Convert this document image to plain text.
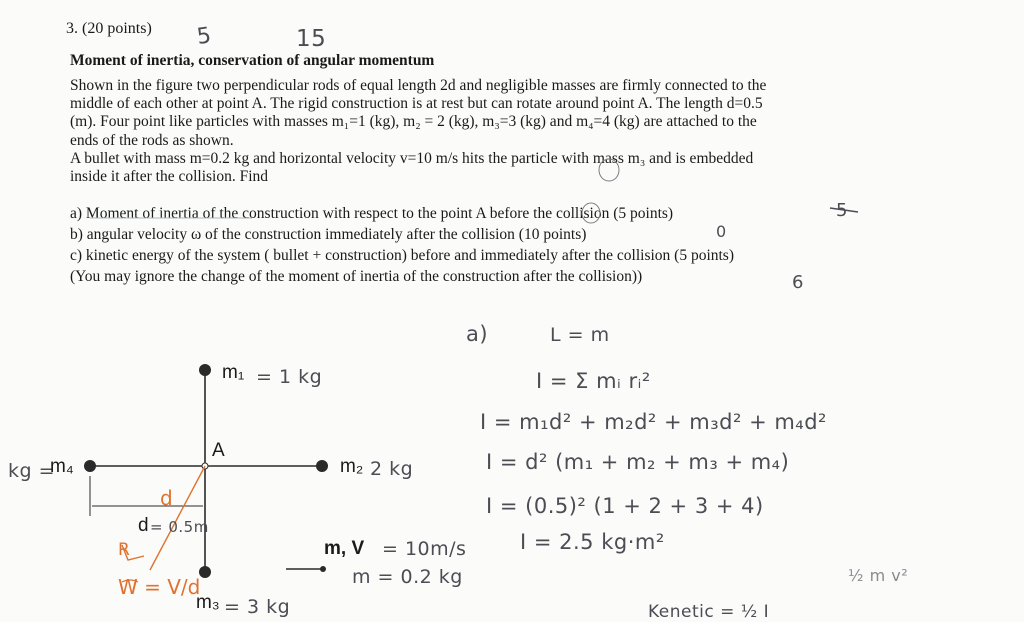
3. (20 points) 5	15
Moment of inertia, conservation of angular momentum
Shown in the figure two perpendicular rods of equal length 2d and negligible masses are firmly connected to the
middle of each other at point A. The rigid construction is at rest but can rotate around point A. The length d=0.5
(m). Four point like particles with masses m₁=1 (kg), m₂ = 2 (kg), m₃=3 (kg) and m₄=4 (kg) are attached to the
ends of the rods as shown.
A bullet with mass m=0.2 kg and horizontal velocity v=10 m/s hits the particle with mass m₃ and is embedded
inside it after the collision. Find
a) Moment of inertia of the construction with respect to the point A before the collision (5 points)
b) angular velocity ω of the construction immediately after the collision (10 points)
c) kinetic energy of the system ( bullet + construction) before and immediately after the collision (5 points)
(You may ignore the change of the moment of inertia of the construction after the collision))
5
0
6
A
m₁ = 1 kg
m₂ 2 kg
m₃ = 3 kg
kg =
m₄
d = 0.5m
d
W = V/d
R	m, V = 10m/s
m = 0.2 kg
a)	L = m
I = Σ mᵢ rᵢ²
I = m₁d² + m₂d² + m₃d² + m₄d²
I = d² (m₁ + m₂ + m₃ + m₄)
I = (0.5)² (1 + 2 + 3 + 4)
I = 2.5 kg·m²
½ m v²
Kenetic = ½ I
